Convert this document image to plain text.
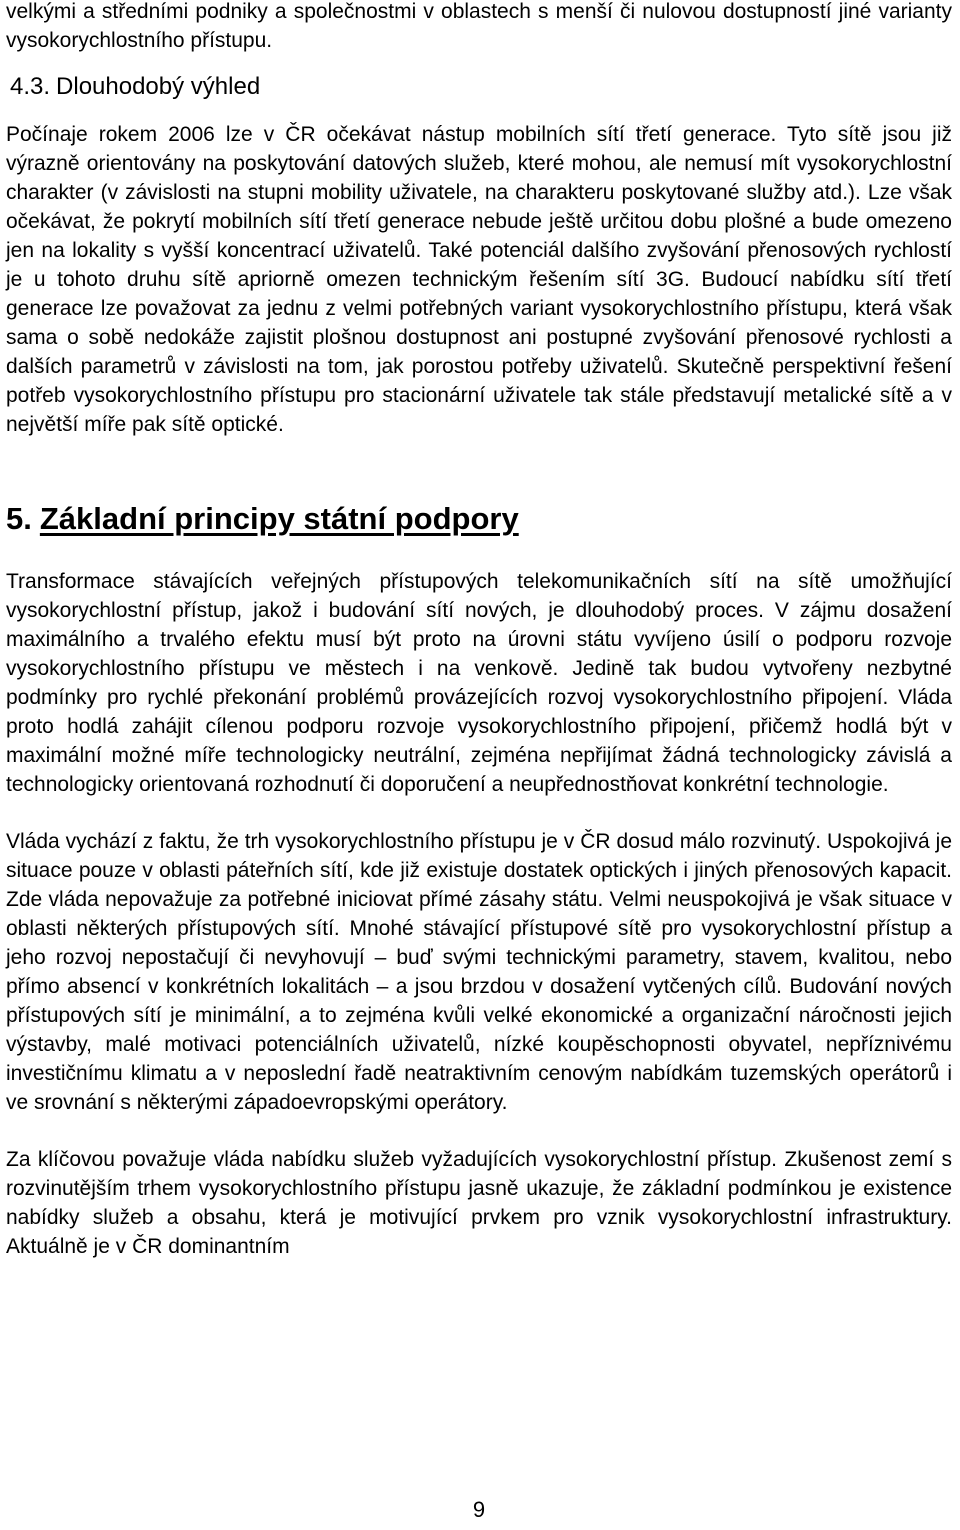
velkými a středními podniky a společnostmi v oblastech s menší či nulovou dostupností jiné varianty vysokorychlostního přístupu.

4.3. Dlouhodobý výhled

Počínaje rokem 2006 lze v ČR očekávat nástup mobilních sítí třetí generace. Tyto sítě jsou již výrazně orientovány na poskytování datových služeb, které mohou, ale nemusí mít vysokorychlostní charakter (v závislosti na stupni mobility uživatele, na charakteru poskytované služby atd.). Lze však očekávat, že pokrytí mobilních sítí třetí generace nebude ještě určitou dobu plošné a bude omezeno jen na lokality s vyšší koncentrací uživatelů. Také potenciál dalšího zvyšování přenosových rychlostí je u tohoto druhu sítě apriorně omezen technickým řešením sítí 3G. Budoucí nabídku sítí třetí generace lze považovat za jednu z velmi potřebných variant vysokorychlostního přístupu, která však sama o sobě nedokáže zajistit plošnou dostupnost ani postupné zvyšování přenosové rychlosti a dalších parametrů v závislosti na tom, jak porostou potřeby uživatelů. Skutečně perspektivní řešení potřeb vysokorychlostního přístupu pro stacionární uživatele tak stále představují metalické sítě a v největší míře pak sítě optické.

5. Základní principy státní podpory

Transformace stávajících veřejných přístupových telekomunikačních sítí na sítě umožňující vysokorychlostní přístup, jakož i budování sítí nových, je dlouhodobý proces. V zájmu dosažení maximálního a trvalého efektu musí být proto na úrovni státu vyvíjeno úsilí o podporu rozvoje vysokorychlostního přístupu ve městech i na venkově. Jedině tak budou vytvořeny nezbytné podmínky pro rychlé překonání problémů provázejících rozvoj vysokorychlostního připojení. Vláda proto hodlá zahájit cílenou podporu rozvoje vysokorychlostního připojení, přičemž hodlá být v maximální možné míře technologicky neutrální, zejména nepřijímat žádná technologicky závislá a technologicky orientovaná rozhodnutí či doporučení a neupřednostňovat konkrétní technologie.

Vláda vychází z faktu, že trh vysokorychlostního přístupu je v ČR dosud málo rozvinutý. Uspokojivá je situace pouze v oblasti páteřních sítí, kde již existuje dostatek optických i jiných přenosových kapacit. Zde vláda nepovažuje za potřebné iniciovat přímé zásahy státu. Velmi neuspokojivá je však situace v oblasti některých přístupových sítí. Mnohé stávající přístupové sítě pro vysokorychlostní přístup a jeho rozvoj nepostačují či nevyhovují – buď svými technickými parametry, stavem, kvalitou, nebo přímo absencí v konkrétních lokalitách – a jsou brzdou v dosažení vytčených cílů. Budování nových přístupových sítí je minimální, a to zejména kvůli velké ekonomické a organizační náročnosti jejich výstavby, malé motivaci potenciálních uživatelů, nízké koupěschopnosti obyvatel, nepříznivému investičnímu klimatu a v neposlední řadě neatraktivním cenovým nabídkám tuzemských operátorů i ve srovnání s některými západoevropskými operátory.

Za klíčovou považuje vláda nabídku služeb vyžadujících vysokorychlostní přístup. Zkušenost zemí s rozvinutějším trhem vysokorychlostního přístupu jasně ukazuje, že základní podmínkou je existence nabídky služeb a obsahu, která je motivující prvkem pro vznik vysokorychlostní infrastruktury. Aktuálně je v ČR dominantním

9
